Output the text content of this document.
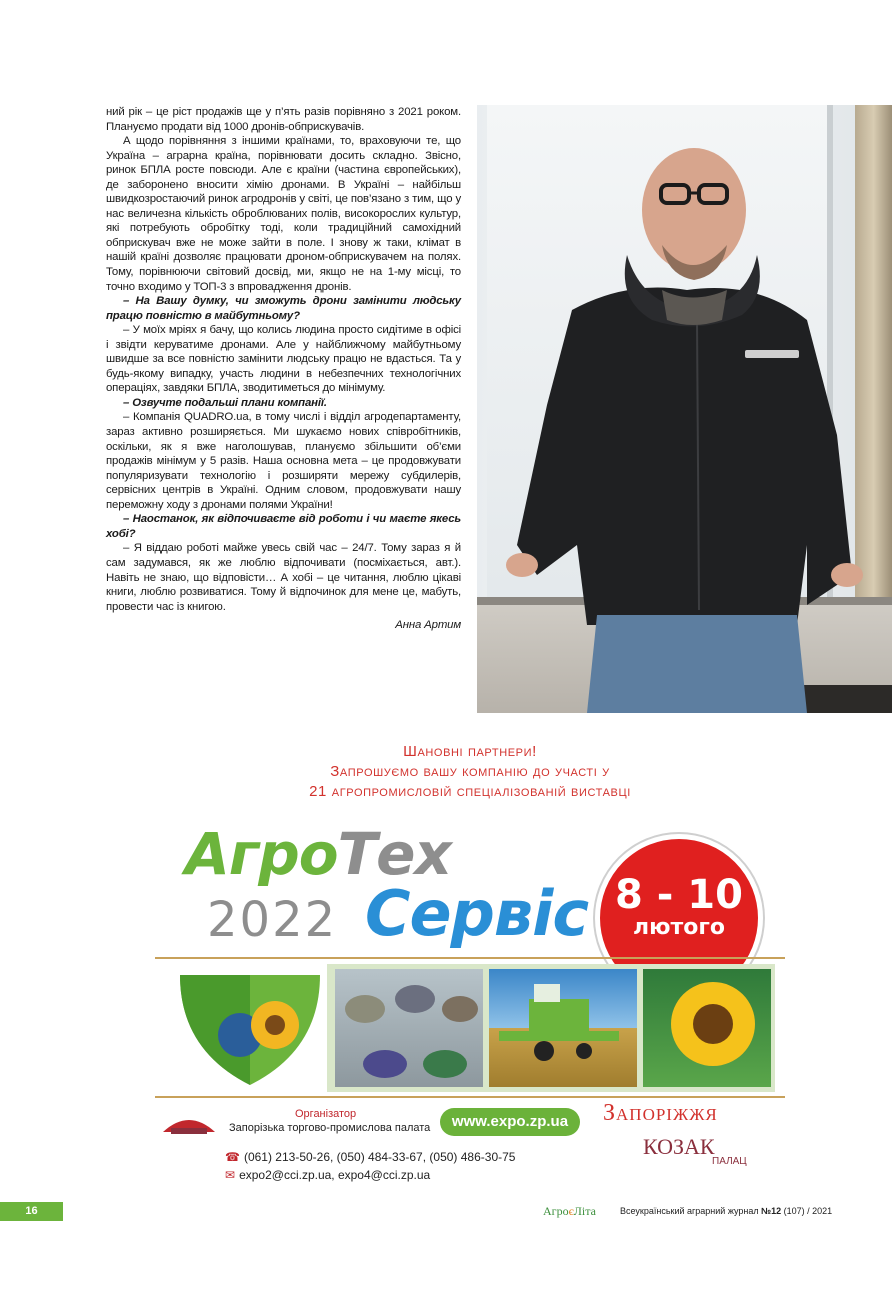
ний рік – це ріст продажів ще у п’ять разів порівняно з 2021 роком. Плануємо продати від 1000 дронів-обприскувачів.

А щодо порівняння з іншими країнами, то, враховуючи те, що Україна – аграрна країна, порівнювати досить складно. Звісно, ринок БПЛА росте повсюди. Але є країни (частина європейських), де заборонено вносити хімію дронами. В Україні – найбільш швидкозростаючий ринок агродронів у світі, це пов’язано з тим, що у нас величезна кількість оброблюваних полів, високорослих культур, які потребують обробітку тоді, коли традиційний самохідний обприскувач вже не може зайти в поле. І знову ж таки, клімат в нашій країні дозволяє працювати дроном-обприскувачем на полях. Тому, порівнюючи світовий досвід, ми, якщо не на 1-му місці, то точно входимо у ТОП-3 з впровадження дронів.

– На Вашу думку, чи зможуть дрони замінити людську працю повністю в майбутньому?

– У моїх мріях я бачу, що колись людина просто сидітиме в офісі і звідти керуватиме дронами. Але у найближчому майбутньому швидше за все повністю замінити людську працю не вдасться. Та у будь-якому випадку, участь людини в небезпечних технологічних операціях, завдяки БПЛА, зводитиметься до мінімуму.

– Озвучте подальші плани компанії.

– Компанія QUADRO.ua, в тому числі і відділ агродепартаменту, зараз активно розширяється. Ми шукаємо нових співробітників, оскільки, як я вже наголошував, плануємо збільшити об’єми продажів мінімум у 5 разів. Наша основна мета – це продовжувати популяризувати технологію і розширяти мережу субдилерів, сервісних центрів в Україні. Одним словом, продовжувати нашу переможну ходу з дронами полями України!

– Наостанок, як відпочиваєте від роботи і чи маєте якесь хобі?

– Я віддаю роботі майже увесь свій час – 24/7. Тому зараз я й сам задумався, як же люблю відпочивати (посміхається, авт.). Навіть не знаю, що відповісти… А хобі – це читання, люблю цікаві книги, люблю розвиватися. Тому й відпочинок для мене це, мабуть, провести час із книгою.

Анна Артим

Шановні партнери!
Запрошуємо вашу компанію до участі у
21 агропромисловій спеціалізованій виставці
АгроТех
2022 Сервіс 8 - 10
лютого
Організатор
Запорізька торгово-промислова палата	www.expo.zp.ua	Запоріжжя
КОЗАК
ПАЛАЦ
☎ (061) 213-50-26, (050) 484-33-67, (050) 486-30-75
✉ expo2@cci.zp.ua, expo4@cci.zp.ua
16	АгроєЛіта	Всеукраїнський аграрний журнал №12 (107) / 2021
